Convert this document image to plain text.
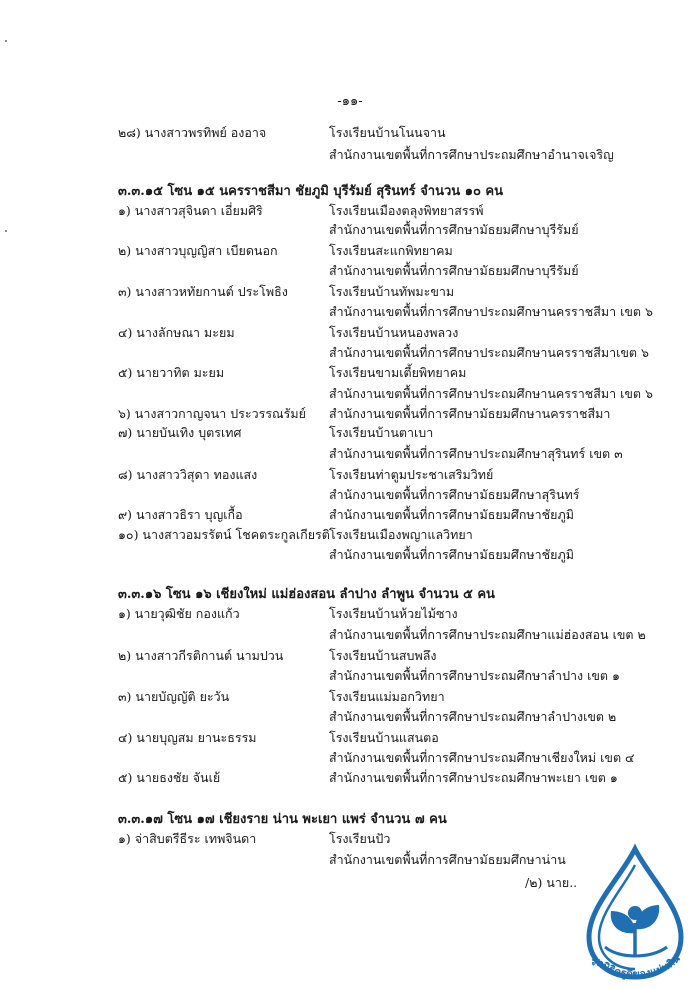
-๑๑-
๒๘) นางสาวพรทิพย์ องอาจ	โรงเรียนบ้านโนนจาน
สำนักงานเขตพื้นที่การศึกษาประถมศึกษาอำนาจเจริญ
๓.๓.๑๕ โซน ๑๕ นครราชสีมา ชัยภูมิ บุรีรัมย์ สุรินทร์ จำนวน ๑๐ คน
๑) นางสาวสุจินดา เอี่ยมศิริ	โรงเรียนเมืองตลุงพิทยาสรรพ์
สำนักงานเขตพื้นที่การศึกษามัธยมศึกษาบุรีรัมย์
๒) นางสาวบุญญิสา เบียดนอก	โรงเรียนสะแกพิทยาคม
สำนักงานเขตพื้นที่การศึกษามัธยมศึกษาบุรีรัมย์
๓) นางสาวหทัยกานต์ ประโพธิง	โรงเรียนบ้านทัพมะขาม
สำนักงานเขตพื้นที่การศึกษาประถมศึกษานครราชสีมา เขต ๖
๔) นางลักษณา มะยม	โรงเรียนบ้านหนองพลวง
สำนักงานเขตพื้นที่การศึกษาประถมศึกษานครราชสีมาเขต ๖
๕) นายวาทิต มะยม	โรงเรียนขามเตี้ยพิทยาคม
สำนักงานเขตพื้นที่การศึกษาประถมศึกษานครราชสีมา เขต ๖
๖) นางสาวกาญจนา ประวรรณรัมย์ สำนักงานเขตพื้นที่การศึกษามัธยมศึกษานครราชสีมา
๗) นายบันเทิง บุตรเทศ	โรงเรียนบ้านตาเบา
สำนักงานเขตพื้นที่การศึกษาประถมศึกษาสุรินทร์ เขต ๓
๘) นางสาววิสุดา ทองแสง	โรงเรียนท่าตูมประชาเสริมวิทย์
สำนักงานเขตพื้นที่การศึกษามัธยมศึกษาสุรินทร์
๙) นางสาวธิรา บุญเกื้อ	สำนักงานเขตพื้นที่การศึกษามัธยมศึกษาชัยภูมิ
๑๐) นางสาวอมรรัตน์ โชคตระกูลเกียรติ โรงเรียนเมืองพญาแลวิทยา
สำนักงานเขตพื้นที่การศึกษามัธยมศึกษาชัยภูมิ
๓.๓.๑๖ โซน ๑๖ เชียงใหม่ แม่ฮ่องสอน ลำปาง ลำพูน จำนวน ๕ คน
๑) นายวุฒิชัย กองแก้ว	โรงเรียนบ้านห้วยไม้ซาง
สำนักงานเขตพื้นที่การศึกษาประถมศึกษาแม่ฮ่องสอน เขต ๒
๒) นางสาวกีรติกานต์ นามปวน	โรงเรียนบ้านสบพลึง
สำนักงานเขตพื้นที่การศึกษาประถมศึกษาลำปาง เขต ๑
๓) นายบัญญัติ ยะวัน	โรงเรียนแม่มอกวิทยา
สำนักงานเขตพื้นที่การศึกษาประถมศึกษาลำปางเขต ๒
๔) นายบุญสม ยานะธรรม	โรงเรียนบ้านแสนตอ
สำนักงานเขตพื้นที่การศึกษาประถมศึกษาเชียงใหม่ เขต ๔
๕) นายธงชัย จันเย้	สำนักงานเขตพื้นที่การศึกษาประถมศึกษาพะเยา เขต ๑
๓.๓.๑๗ โซน ๑๗ เชียงราย น่าน พะเยา แพร่ จำนวน ๗ คน
๑) จ่าสิบตรีธีระ เทพจินดา	โรงเรียนปัว
สำนักงานเขตพื้นที่การศึกษามัธยมศึกษาน่าน
/๒) นาย..
มูลนิธิครูดีของแผ่นดิน
